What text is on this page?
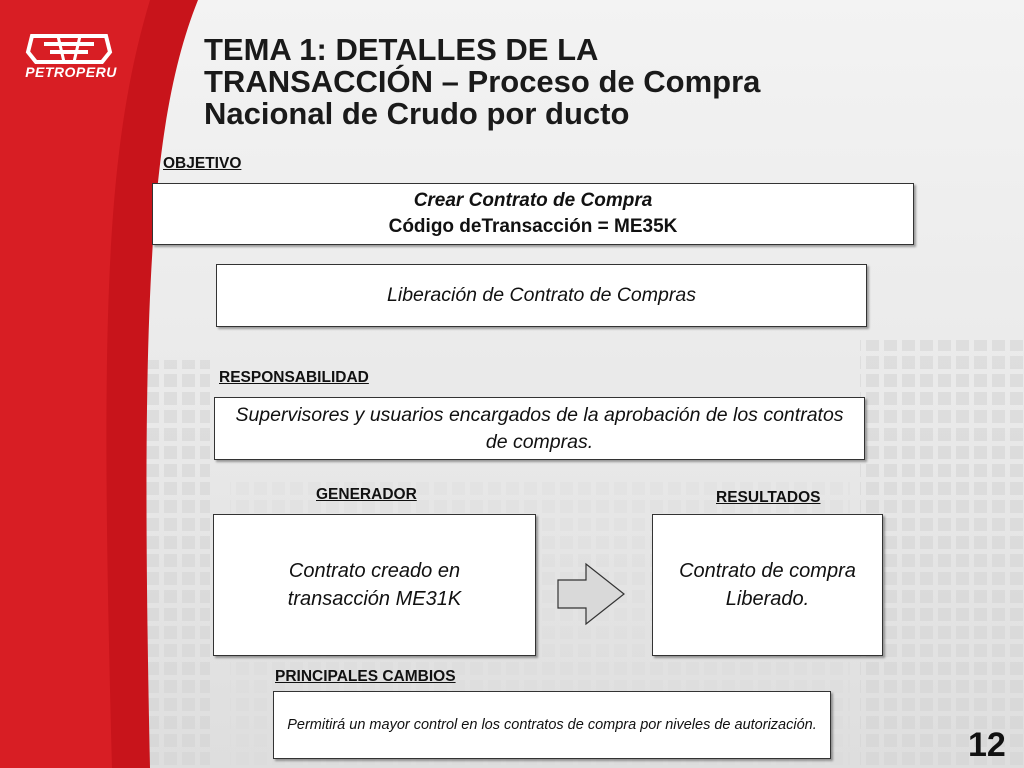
PETROPERU
TEMA 1: DETALLES DE LA
TRANSACCIÓN – Proceso de Compra
Nacional de Crudo por ducto
OBJETIVO
Crear Contrato de Compra
Código deTransacción = ME35K
Liberación de Contrato de Compras
RESPONSABILIDAD
Supervisores y usuarios encargados de la aprobación de los contratos de compras.
GENERADOR	RESULTADOS
Contrato creado en
transacción ME31K
Contrato de compra
Liberado.
PRINCIPALES CAMBIOS
Permitirá un mayor control en los contratos de compra por niveles de autorización.
12
